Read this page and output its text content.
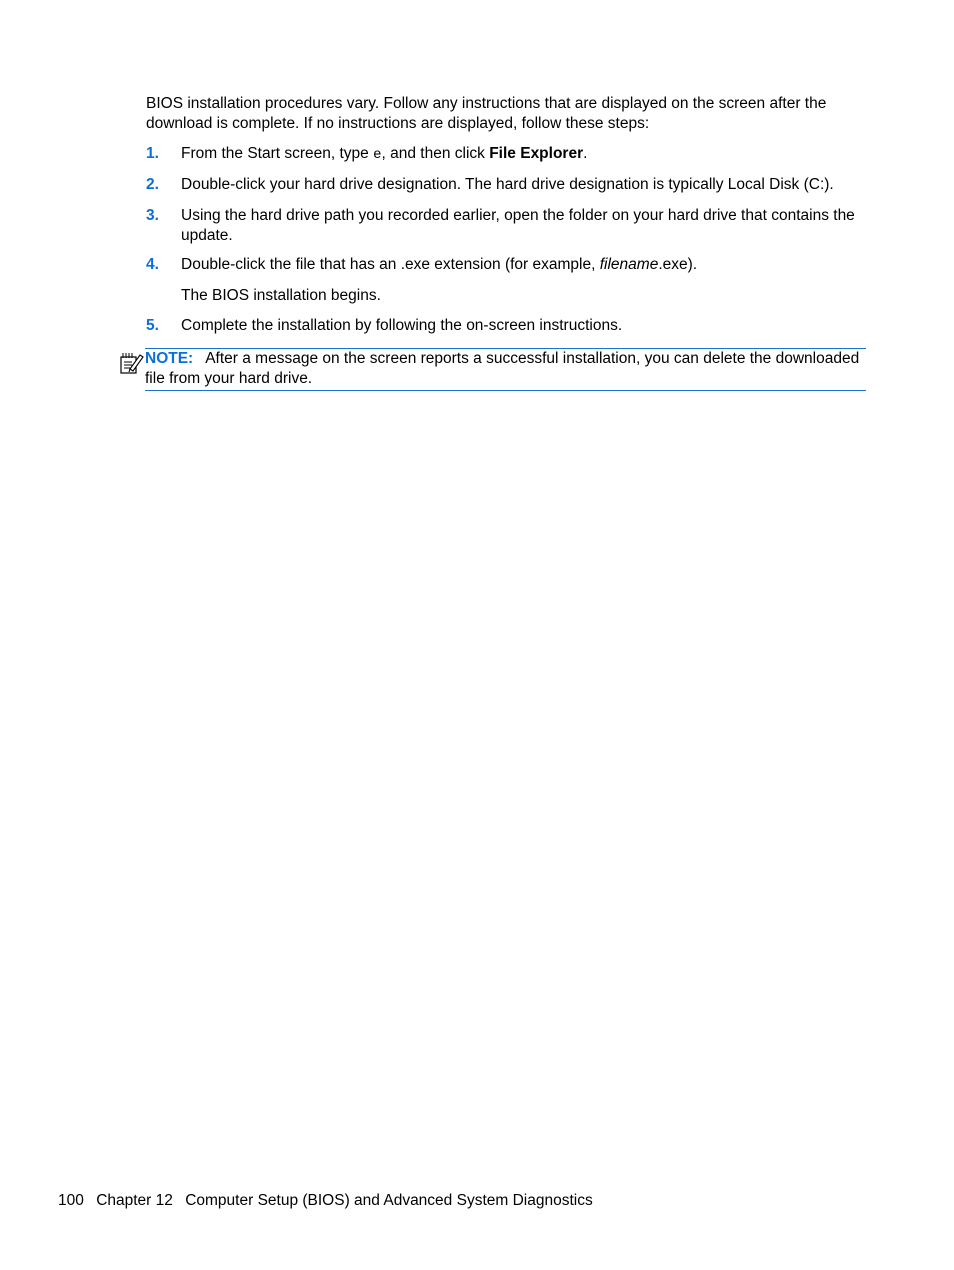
BIOS installation procedures vary. Follow any instructions that are displayed on the screen after the download is complete. If no instructions are displayed, follow these steps:
1. From the Start screen, type e, and then click File Explorer.
2. Double-click your hard drive designation. The hard drive designation is typically Local Disk (C:).
3. Using the hard drive path you recorded earlier, open the folder on your hard drive that contains the update.
4. Double-click the file that has an .exe extension (for example, filename.exe).
The BIOS installation begins.
5. Complete the installation by following the on-screen instructions.
NOTE: After a message on the screen reports a successful installation, you can delete the downloaded file from your hard drive.
100 Chapter 12 Computer Setup (BIOS) and Advanced System Diagnostics
